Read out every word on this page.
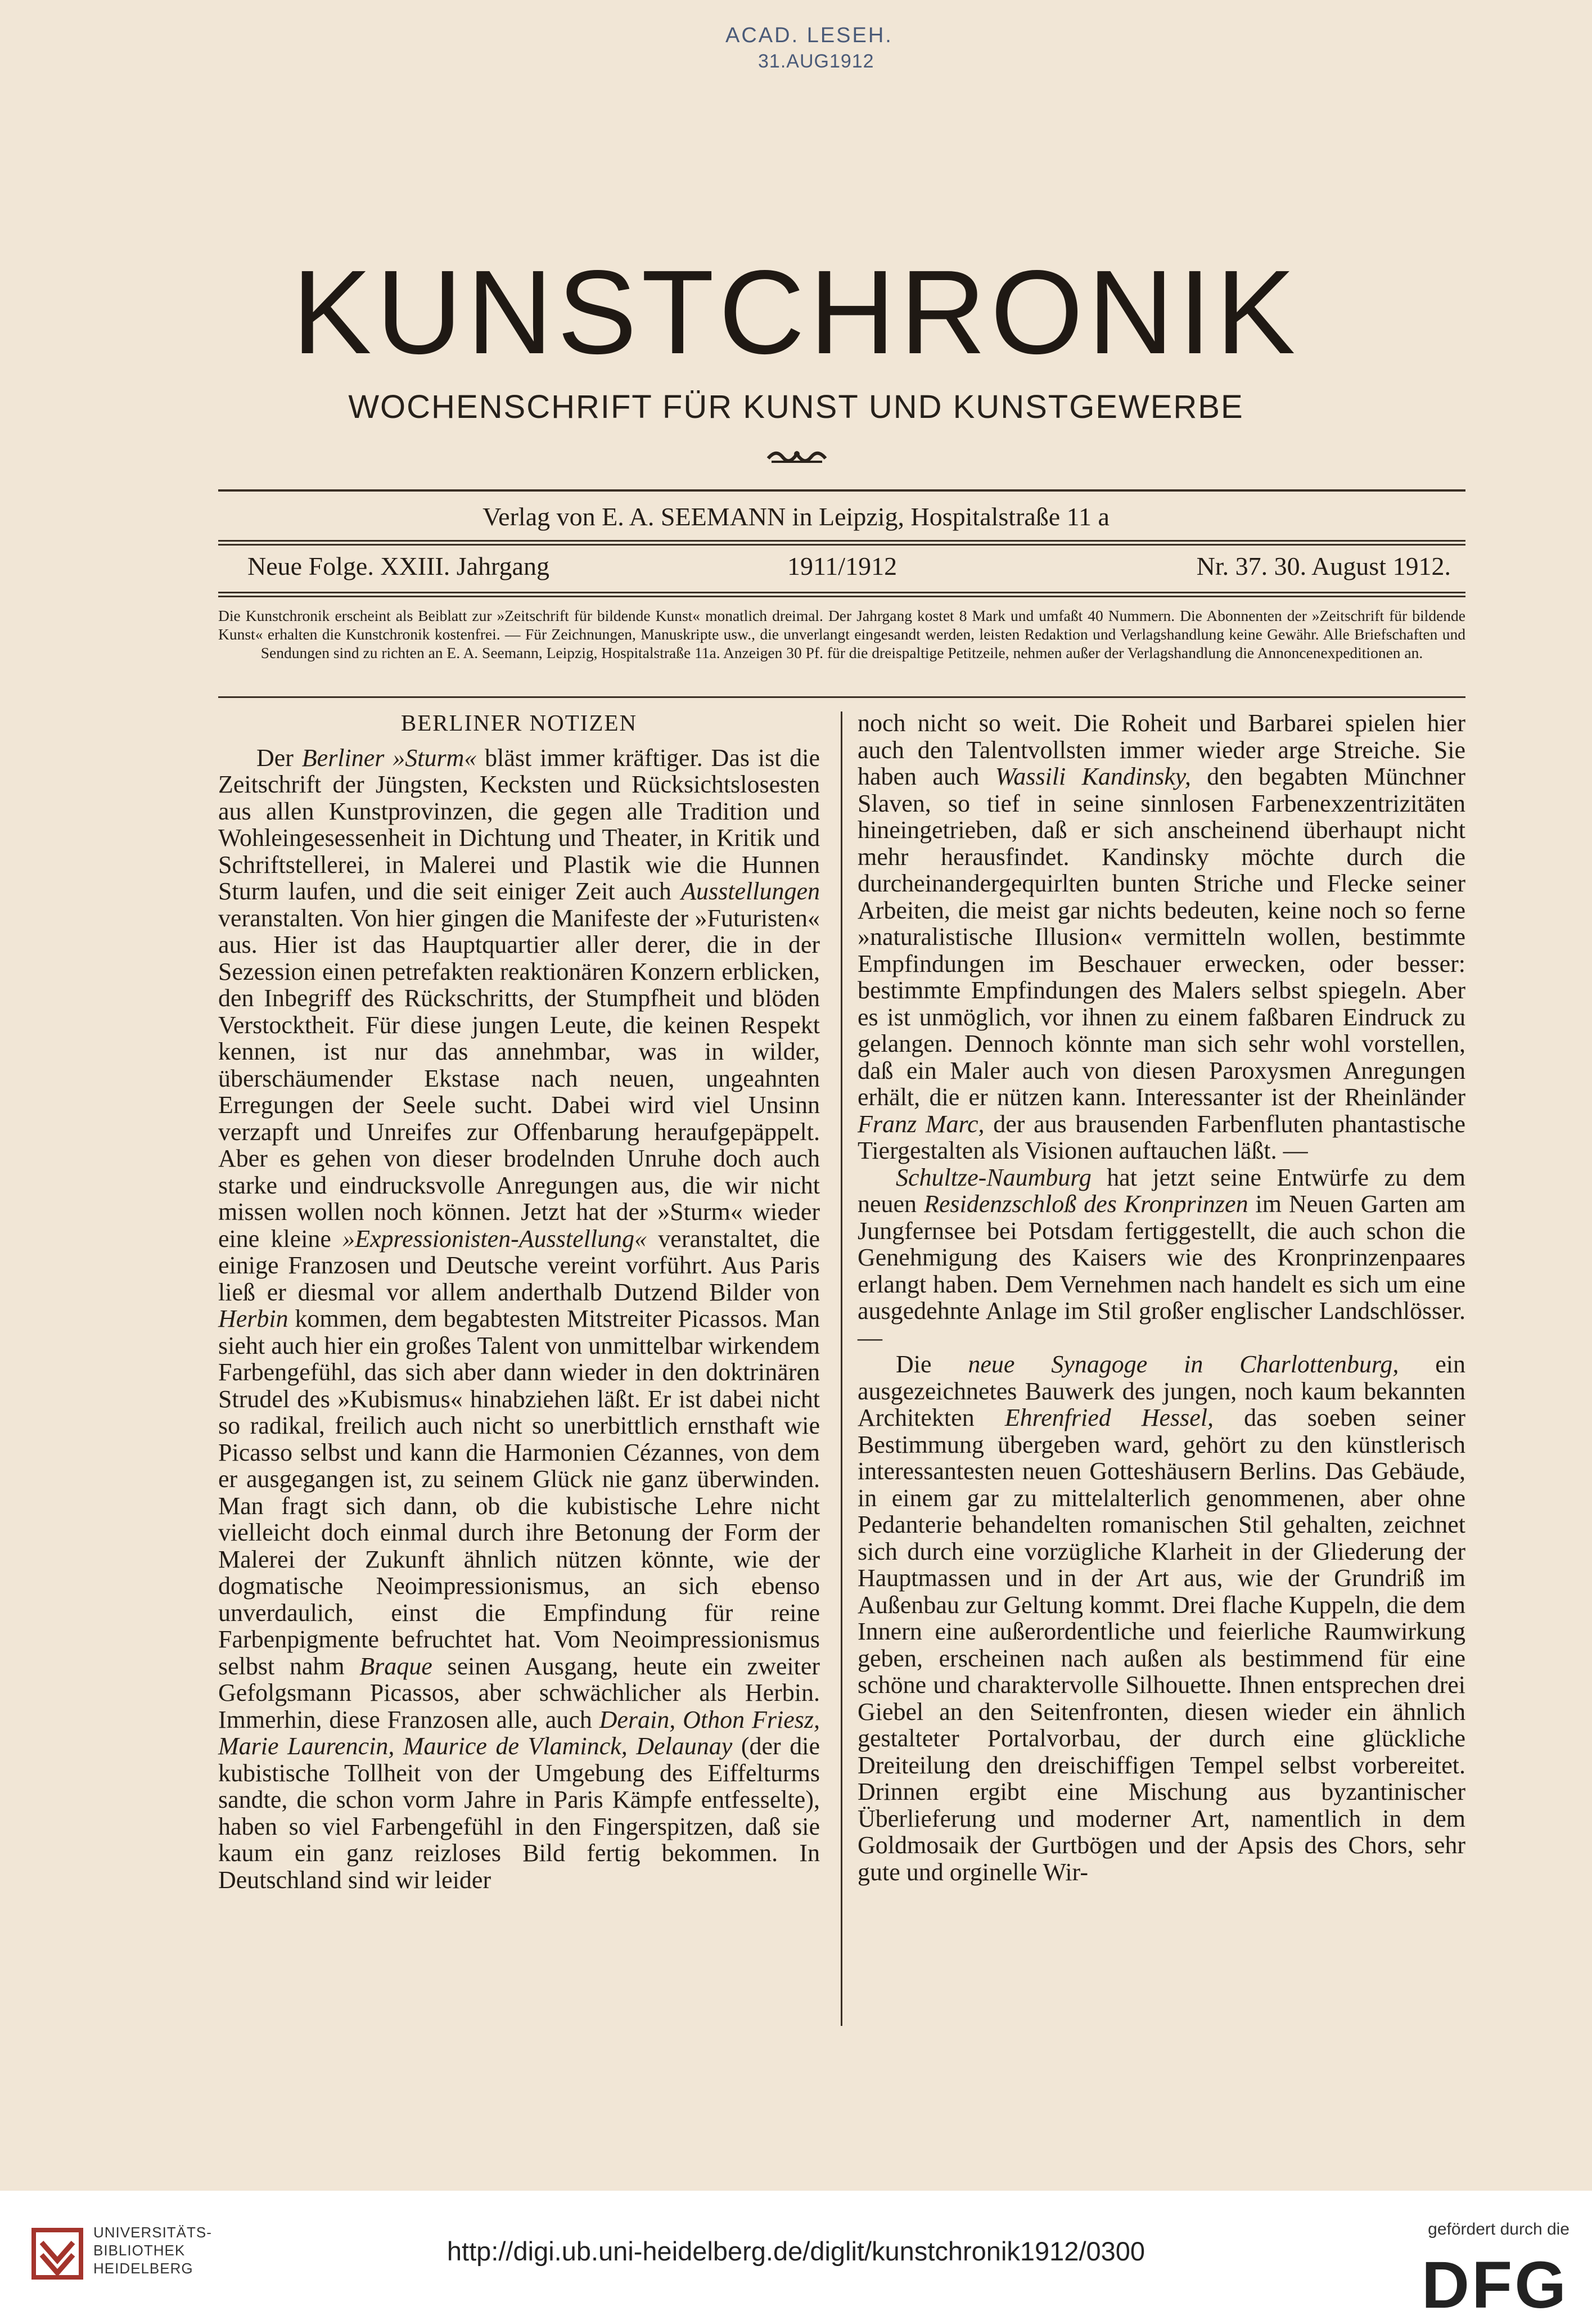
ACAD. LESEH.
31.AUG1912
KUNSTCHRONIK
WOCHENSCHRIFT FÜR KUNST UND KUNSTGEWERBE
Verlag von E. A. SEEMANN in Leipzig, Hospitalstraße 11 a
Neue Folge. XXIII. Jahrgang	1911/1912	Nr. 37. 30. August 1912.
Die Kunstchronik erscheint als Beiblatt zur »Zeitschrift für bildende Kunst« monatlich dreimal. Der Jahrgang kostet 8 Mark und umfaßt 40 Nummern. Die Abonnenten der »Zeitschrift für bildende Kunst« erhalten die Kunstchronik kostenfrei. — Für Zeichnungen, Manuskripte usw., die unverlangt eingesandt werden, leisten Redaktion und Verlagshandlung keine Gewähr. Alle Briefschaften und Sendungen sind zu richten an E. A. Seemann, Leipzig, Hospitalstraße 11a. Anzeigen 30 Pf. für die dreispaltige Petitzeile, nehmen außer der Verlagshandlung die Annoncenexpeditionen an.
BERLINER NOTIZEN

Der Berliner »Sturm« bläst immer kräftiger. Das ist die Zeitschrift der Jüngsten, Kecksten und Rücksichtslosesten aus allen Kunstprovinzen, die gegen alle Tradition und Wohleingesessenheit in Dichtung und Theater, in Kritik und Schriftstellerei, in Malerei und Plastik wie die Hunnen Sturm laufen, und die seit einiger Zeit auch Ausstellungen veranstalten. Von hier gingen die Manifeste der »Futuristen« aus. Hier ist das Hauptquartier aller derer, die in der Sezession einen petrefakten reaktionären Konzern erblicken, den Inbegriff des Rückschritts, der Stumpfheit und blöden Verstocktheit. Für diese jungen Leute, die keinen Respekt kennen, ist nur das annehmbar, was in wilder, überschäumender Ekstase nach neuen, ungeahnten Erregungen der Seele sucht. Dabei wird viel Unsinn verzapft und Unreifes zur Offenbarung heraufgepäppelt. Aber es gehen von dieser brodelnden Unruhe doch auch starke und eindrucksvolle Anregungen aus, die wir nicht missen wollen noch können. Jetzt hat der »Sturm« wieder eine kleine »Expressionisten-Ausstellung« veranstaltet, die einige Franzosen und Deutsche vereint vorführt. Aus Paris ließ er diesmal vor allem anderthalb Dutzend Bilder von Herbin kommen, dem begabtesten Mitstreiter Picassos. Man sieht auch hier ein großes Talent von unmittelbar wirkendem Farbengefühl, das sich aber dann wieder in den doktrinären Strudel des »Kubismus« hinabziehen läßt. Er ist dabei nicht so radikal, freilich auch nicht so unerbittlich ernsthaft wie Picasso selbst und kann die Harmonien Cézannes, von dem er ausgegangen ist, zu seinem Glück nie ganz überwinden. Man fragt sich dann, ob die kubistische Lehre nicht vielleicht doch einmal durch ihre Betonung der Form der Malerei der Zukunft ähnlich nützen könnte, wie der dogmatische Neoimpressionismus, an sich ebenso unverdaulich, einst die Empfindung für reine Farbenpigmente befruchtet hat. Vom Neoimpressionismus selbst nahm Braque seinen Ausgang, heute ein zweiter Gefolgsmann Picassos, aber schwächlicher als Herbin. Immerhin, diese Franzosen alle, auch Derain, Othon Friesz, Marie Laurencin, Maurice de Vlaminck, Delaunay (der die kubistische Tollheit von der Umgebung des Eiffelturms sandte, die schon vorm Jahre in Paris Kämpfe entfesselte), haben so viel Farbengefühl in den Fingerspitzen, daß sie kaum ein ganz reizloses Bild fertig bekommen. In Deutschland sind wir leider

noch nicht so weit. Die Roheit und Barbarei spielen hier auch den Talentvollsten immer wieder arge Streiche. Sie haben auch Wassili Kandinsky, den begabten Münchner Slaven, so tief in seine sinnlosen Farbenexzentrizitäten hineingetrieben, daß er sich anscheinend überhaupt nicht mehr herausfindet. Kandinsky möchte durch die durcheinandergequirlten bunten Striche und Flecke seiner Arbeiten, die meist gar nichts bedeuten, keine noch so ferne »naturalistische Illusion« vermitteln wollen, bestimmte Empfindungen im Beschauer erwecken, oder besser: bestimmte Empfindungen des Malers selbst spiegeln. Aber es ist unmöglich, vor ihnen zu einem faßbaren Eindruck zu gelangen. Dennoch könnte man sich sehr wohl vorstellen, daß ein Maler auch von diesen Paroxysmen Anregungen erhält, die er nützen kann. Interessanter ist der Rheinländer Franz Marc, der aus brausenden Farbenfluten phantastische Tiergestalten als Visionen auftauchen läßt. —

Schultze-Naumburg hat jetzt seine Entwürfe zu dem neuen Residenzschloß des Kronprinzen im Neuen Garten am Jungfernsee bei Potsdam fertiggestellt, die auch schon die Genehmigung des Kaisers wie des Kronprinzenpaares erlangt haben. Dem Vernehmen nach handelt es sich um eine ausgedehnte Anlage im Stil großer englischer Landschlösser. —

Die neue Synagoge in Charlottenburg, ein ausgezeichnetes Bauwerk des jungen, noch kaum bekannten Architekten Ehrenfried Hessel, das soeben seiner Bestimmung übergeben ward, gehört zu den künstlerisch interessantesten neuen Gotteshäusern Berlins. Das Gebäude, in einem gar zu mittelalterlich genommenen, aber ohne Pedanterie behandelten romanischen Stil gehalten, zeichnet sich durch eine vorzügliche Klarheit in der Gliederung der Hauptmassen und in der Art aus, wie der Grundriß im Außenbau zur Geltung kommt. Drei flache Kuppeln, die dem Innern eine außerordentliche und feierliche Raumwirkung geben, erscheinen nach außen als bestimmend für eine schöne und charaktervolle Silhouette. Ihnen entsprechen drei Giebel an den Seitenfronten, diesen wieder ein ähnlich gestalteter Portalvorbau, der durch eine glückliche Dreiteilung den dreischiffigen Tempel selbst vorbereitet. Drinnen ergibt eine Mischung aus byzantinischer Überlieferung und moderner Art, namentlich in dem Goldmosaik der Gurtbögen und der Apsis des Chors, sehr gute und orginelle Wir-

UNIVERSITÄTS-
BIBLIOTHEK
HEIDELBERG
http://digi.ub.uni-heidelberg.de/diglit/kunstchronik1912/0300
gefördert durch die
DFG
